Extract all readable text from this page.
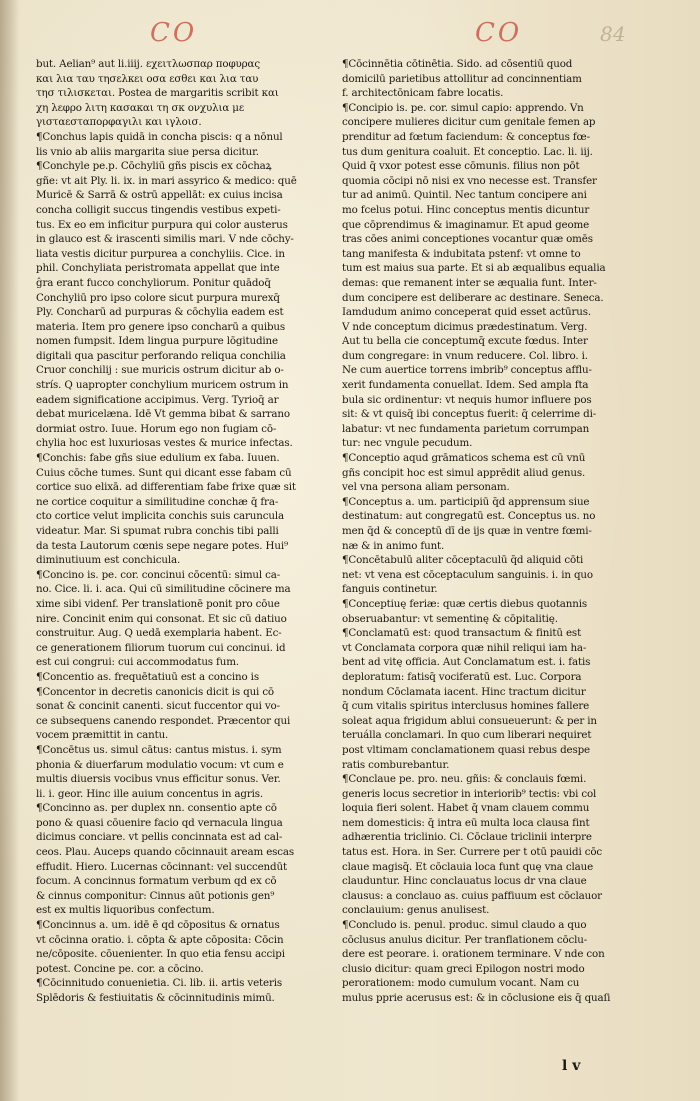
CO	CO	84
but. Aelian⁹ aut li.iiij. εχειτλωσπαρ ποφυρας
και λια ταυ τησελκει οσα εσθει και λια ταυ
τησ τιλισκεται. Postea de margaritis scribit και
χη λεφρο λιτη κασακαι τη σκ ονχυλια με
γισταεσταπορφαγιλι και ιγλοισ.
¶Conchus lapis quidā in concha piscis: q a nōnul
lis vnio ab aliis margarita siue persa dicitur.
¶Conchyle pe.p. Cōchyliū gñs piscis ex cōchaꝝ
gñe: vt ait Ply. li. ix. in mari assyrico & medico: quē
Muricē & Sarrā & ostrū appellāt: ex cuius incisa
concha colligit succus tingendis vestibus expeti-
tus. Ex eo em inficitur purpura qui color austerus
in glauco est & irascenti similis mari. V nde cōchy-
liata vestis dicitur purpurea a conchyliis. Cice. in
phil. Conchyliata peristromata appellat que inte
ĝra erant fucco conchyliorum. Ponitur quādoq̄
Conchyliū pro ipso colore sicut purpura murexq̄
Ply. Concharū ad purpuras & cōchylia eadem est
materia. Item pro genere ipso concharū a quibus
nomen fumpsit. Idem lingua purpure lōgitudine
digitali qua pascitur perforando reliqua conchilia
Cruor conchilij : sue muricis ostrum dicitur ab o-
strís. Q uapropter conchylium muricem ostrum in
eadem significatione accipimus. Verg. Tyrioq̄ ar
debat muricelæna. Idē Vt gemma bibat & sarrano
dormiat ostro. Iuue. Horum ego non fugiam cō-
chylia hoc est luxuriosas vestes & murice infectas.
¶Conchis: fabe gñs siue edulium ex faba. Iuuen.
Cuius cōche tumes. Sunt qui dicant esse fabam cū
cortice suo elixā. ad differentiam fabe frixe quæ sit
ne cortice coquitur a similitudine conchæ q̄ fra-
cto cortice velut implicita conchis suis caruncula
videatur. Mar. Si spumat rubra conchis tibi palli
da testa Lautorum cœnis sepe negare potes. Hui⁹
diminutiuum est conchicula.
¶Concino is. pe. cor. concinui cōcentū: simul ca-
no. Cice. li. i. aca. Qui cū similitudine cōcinere ma
xime sibi videnf. Per translationē ponit pro cōue
nire. Concinit enim qui consonat. Et sic cū datiuo
construitur. Aug. Q uedā exemplaria habent. Ec-
ce generationem filiorum tuorum cui concinui. id
est cui congrui: cui accommodatus fum.
¶Concentio as. frequētatiuū est a concino is
¶Concentor in decretis canonicis dicit is qui cō
sonat & concinit canenti. sicut fuccentor qui vo-
ce subsequens canendo respondet. Præcentor qui
vocem præmittit in cantu.
¶Concētus us. simul cātus: cantus mistus. i. sym
phonia & diuerfarum modulatio vocum: vt cum e
multis diuersis vocibus vnus efficitur sonus. Ver.
li. i. geor. Hinc ille auium concentus in agris.
¶Concinno as. per duplex nn. consentio apte cō
pono & quasi cōuenire facio qd vernacula lingua
dicimus conciare. vt pellis concinnata est ad cal-
ceos. Plau. Auceps quando cōcinnauit aream escas
effudit. Hiero. Lucernas cōcinnant: vel succendūt
focum. A concinnus formatum verbum qd ex cō
& cinnus componitur: Cinnus aūt potionis gen⁹
est ex multis liquoribus confectum.
¶Concinnus a. um. idē ē qd cōpositus & ornatus
vt cōcinna oratio. i. cōpta & apte cōposita: Cōcin
ne/cōposite. cōuenienter. In quo etia fensu accipi
potest. Concine pe. cor. a cōcino.
¶Cōcinnitudo conuenietia. Ci. lib. ii. artis veteris
Splēdoris & festiuitatis & cōcinnitudinis mimū.
¶Cōcinnētia cōtinētia. Sido. ad cōsentiū quod
domicilū parietibus attollitur ad concinnentiam
f. architectōnicam fabre locatis.
¶Concipio is. pe. cor. simul capio: apprendo. Vn
concipere mulieres dicitur cum genitale femen ap
prenditur ad fœtum faciendum: & conceptus fœ-
tus dum genitura coaluit. Et conceptio. Lac. li. iij.
Quid q̄ vxor potest esse cōmunis. filius non pōt
quomia cōcipi nō nisi ex vno necesse est. Transfer
tur ad animū. Quintil. Nec tantum concipere ani
mo fcelus potui. Hinc conceptus mentis dicuntur
que cōprendimus & imaginamur. Et apud geome
tras cōes animi conceptiones vocantur quæ omēs
tang manifesta & indubitata pstenf: vt omne to
tum est maius sua parte. Et si ab æqualibus equalia
demas: que remanent inter se æqualia funt. Inter-
dum concipere est deliberare ac destinare. Seneca.
Iamdudum animo conceperat quid esset actūrus.
V nde conceptum dicimus prædestinatum. Verg.
Aut tu bella cie conceptumq̄ excute fœdus. Inter
dum congregare: in vnum reducere. Col. libro. i.
Ne cum auertice torrens imbrib⁹ conceptus afflu-
xerit fundamenta conuellat. Idem. Sed ampla fta
bula sic ordinentur: vt nequis humor influere pos
sit: & vt quisq̄ ibi conceptus fuerit: q̄ celerrime di-
labatur: vt nec fundamenta parietum corrumpan
tur: nec vngule pecudum.
¶Conceptio aqud grāmaticos schema est cū vnū
gñs concipit hoc est simul apprēdit aliud genus.
vel vna persona aliam personam.
¶Conceptus a. um. participiū q̄d apprensum siue
destinatum: aut congregatū est. Conceptus us. no
men q̄d & conceptū dī de ijs quæ in ventre fœmi-
næ & in animo funt.
¶Concētabulū aliter cōceptaculū q̄d aliquid cōti
net: vt vena est cōceptaculum sanguinis. i. in quo
fanguis continetur.
¶Conceptiuę feriæ: quæ certis diebus quotannis
obseruabantur: vt sementinę & cōpitalitię.
¶Conclamatū est: quod transactum & finitū est
vt Conclamata corpora quæ nihil reliqui iam ha-
bent ad vitę officia. Aut Conclamatum est. i. fatis
deploratum: fatisq̄ vociferatū est. Luc. Corpora
nondum Cōclamata iacent. Hinc tractum dicitur
q̄ cum vitalis spiritus interclusus homines fallere
soleat aqua frigidum ablui consueuerunt: & per in
teruálla conclamari. In quo cum liberari nequiret
post vltimam conclamationem quasi rebus despe
ratis comburebantur.
¶Conclaue pe. pro. neu. gñis: & conclauis fœmi.
generis locus secretior in interiorib⁹ tectis: vbi col
loquia fieri solent. Habet q̄ vnam clauem commu
nem domesticis: q̄ intra eū multa loca clausa fint
adhærentia triclinio. Ci. Cōclaue triclinii interpre
tatus est. Hora. in Ser. Currere per t otū pauidi cōc
claue magisq̄. Et cōclauia loca funt quę vna claue
clauduntur. Hinc conclauatus locus dr vna claue
clausus: a conclauo as. cuius paffiuum est cōclauor
conclauium: genus anulisest.
¶Concludo is. penul. produc. simul claudo a quo
cōclusus anulus dicitur. Per tranflationem cōclu-
dere est peorare. i. orationem terminare. V nde con
clusio dicitur: quam greci Epilogon nostri modo
perorationem: modo cumulum vocant. Nam cu
mulus pprie acerusus est: & in cōclusione eis q̄ quaſi
l v
